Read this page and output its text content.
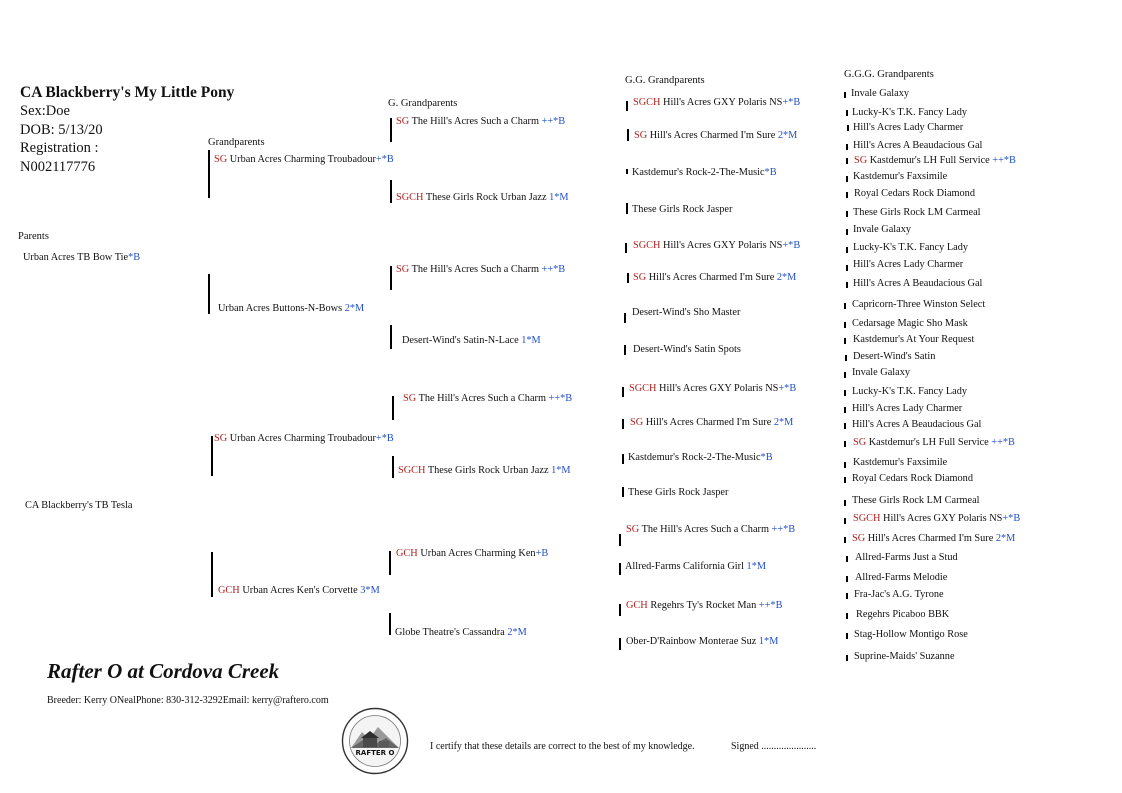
CA Blackberry's My Little Pony
Sex:Doe
DOB: 5/13/20
Registration :
N002117776
Parents
Grandparents
G. Grandparents
G.G. Grandparents
G.G.G. Grandparents
Urban Acres TB Bow Tie*B
CA Blackberry's TB Tesla
SG Urban Acres Charming Troubadour+*B
Urban Acres Buttons-N-Bows 2*M
SG Urban Acres Charming Troubadour+*B
GCH Urban Acres Ken's Corvette 3*M
SG The Hill's Acres Such a Charm ++*B
SGCH These Girls Rock Urban Jazz 1*M
SG The Hill's Acres Such a Charm ++*B
Desert-Wind's Satin-N-Lace 1*M
SG The Hill's Acres Such a Charm ++*B
SGCH These Girls Rock Urban Jazz 1*M
GCH Urban Acres Charming Ken+B
Globe Theatre's Cassandra 2*M
SGCH Hill's Acres GXY Polaris NS+*B
SG Hill's Acres Charmed I'm Sure 2*M
Kastdemur's Rock-2-The-Music*B
These Girls Rock Jasper
SGCH Hill's Acres GXY Polaris NS+*B
SG Hill's Acres Charmed I'm Sure 2*M
Desert-Wind's Sho Master
Desert-Wind's Satin Spots
SGCH Hill's Acres GXY Polaris NS+*B
SG Hill's Acres Charmed I'm Sure 2*M
Kastdemur's Rock-2-The-Music*B
These Girls Rock Jasper
SG The Hill's Acres Such a Charm ++*B
Allred-Farms California Girl 1*M
GCH Regehrs Ty's Rocket Man ++*B
Ober-D'Rainbow Monterae Suz 1*M
Invale Galaxy
Lucky-K's T.K. Fancy Lady
Hill's Acres Lady Charmer
Hill's Acres A Beaudacious Gal
SG Kastdemur's LH Full Service ++*B
Kastdemur's Faxsimile
Royal Cedars Rock Diamond
These Girls Rock LM Carmeal
Invale Galaxy
Lucky-K's T.K. Fancy Lady
Hill's Acres Lady Charmer
Hill's Acres A Beaudacious Gal
Capricorn-Three Winston Select
Cedarsage Magic Sho Mask
Kastdemur's At Your Request
Desert-Wind's Satin
Invale Galaxy
Lucky-K's T.K. Fancy Lady
Hill's Acres Lady Charmer
Hill's Acres A Beaudacious Gal
SG Kastdemur's LH Full Service ++*B
Kastdemur's Faxsimile
Royal Cedars Rock Diamond
These Girls Rock LM Carmeal
SGCH Hill's Acres GXY Polaris NS+*B
SG Hill's Acres Charmed I'm Sure 2*M
Allred-Farms Just a Stud
Allred-Farms Melodie
Fra-Jac's A.G. Tyrone
Regehrs Picaboo BBK
Stag-Hollow Montigo Rose
Suprine-Maids' Suzanne
Rafter O at Cordova Creek
Breeder: Kerry ONealPhone: 830-312-3292Email: kerry@raftero.com
RAFTER O
I certify that these details are correct to the best of my knowledge.	Signed ......................
